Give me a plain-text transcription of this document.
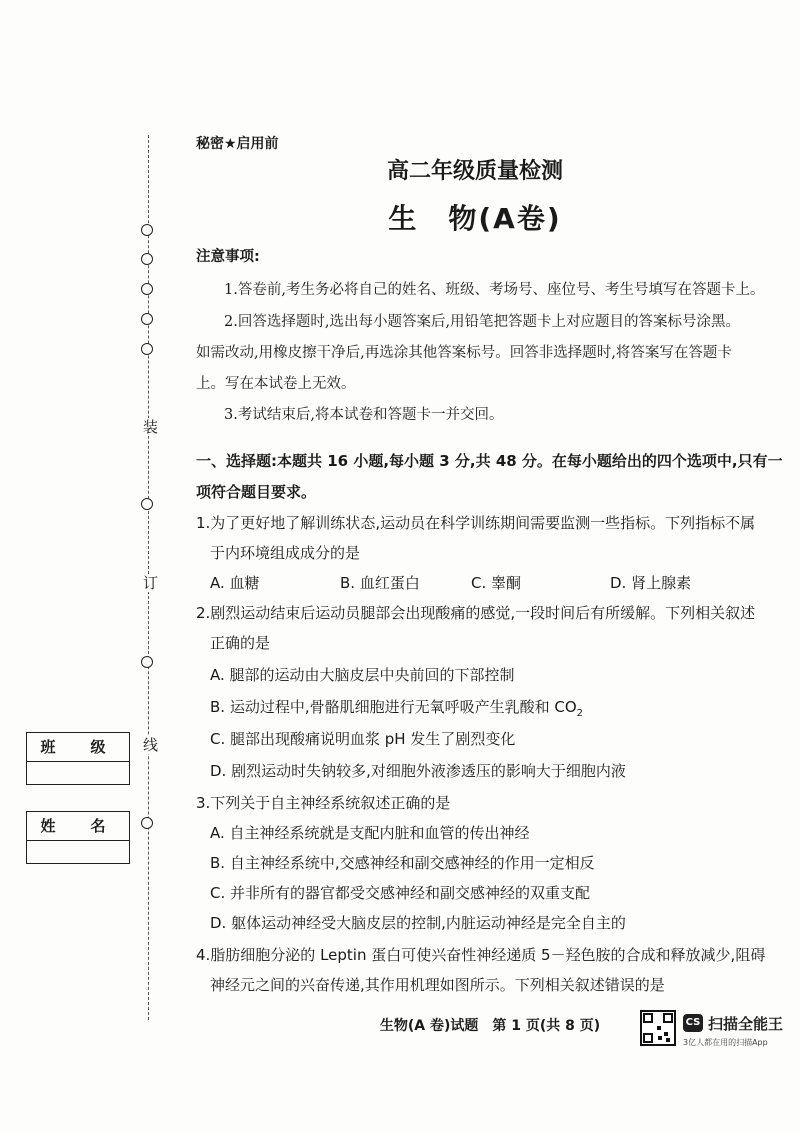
装
订
线
班　级
姓　名
秘密★启用前
高二年级质量检测
生　物(A卷)
注意事项:
1.答卷前,考生务必将自己的姓名、班级、考场号、座位号、考生号填写在答题卡上。
2.回答选择题时,选出每小题答案后,用铅笔把答题卡上对应题目的答案标号涂黑。
如需改动,用橡皮擦干净后,再选涂其他答案标号。回答非选择题时,将答案写在答题卡
上。写在本试卷上无效。
3.考试结束后,将本试卷和答题卡一并交回。
一、选择题:本题共 16 小题,每小题 3 分,共 48 分。在每小题给出的四个选项中,只有一
项符合题目要求。
1.为了更好地了解训练状态,运动员在科学训练期间需要监测一些指标。下列指标不属
于内环境组成成分的是
A. 血糖	B. 血红蛋白	C. 睾酮	D. 肾上腺素
2.剧烈运动结束后运动员腿部会出现酸痛的感觉,一段时间后有所缓解。下列相关叙述
正确的是
A. 腿部的运动由大脑皮层中央前回的下部控制
B. 运动过程中,骨骼肌细胞进行无氧呼吸产生乳酸和 $CO_2$
C. 腿部出现酸痛说明血浆 pH 发生了剧烈变化
D. 剧烈运动时失钠较多,对细胞外液渗透压的影响大于细胞内液
3.下列关于自主神经系统叙述正确的是
A. 自主神经系统就是支配内脏和血管的传出神经
B. 自主神经系统中,交感神经和副交感神经的作用一定相反
C. 并非所有的器官都受交感神经和副交感神经的双重支配
D. 躯体运动神经受大脑皮层的控制,内脏运动神经是完全自主的
4.脂肪细胞分泌的 Leptin 蛋白可使兴奋性神经递质 5－羟色胺的合成和释放减少,阻碍
神经元之间的兴奋传递,其作用机理如图所示。下列相关叙述错误的是
生物(A 卷)试题　第 1 页(共 8 页)	CS 扫描全能王
3亿人都在用的扫描App
